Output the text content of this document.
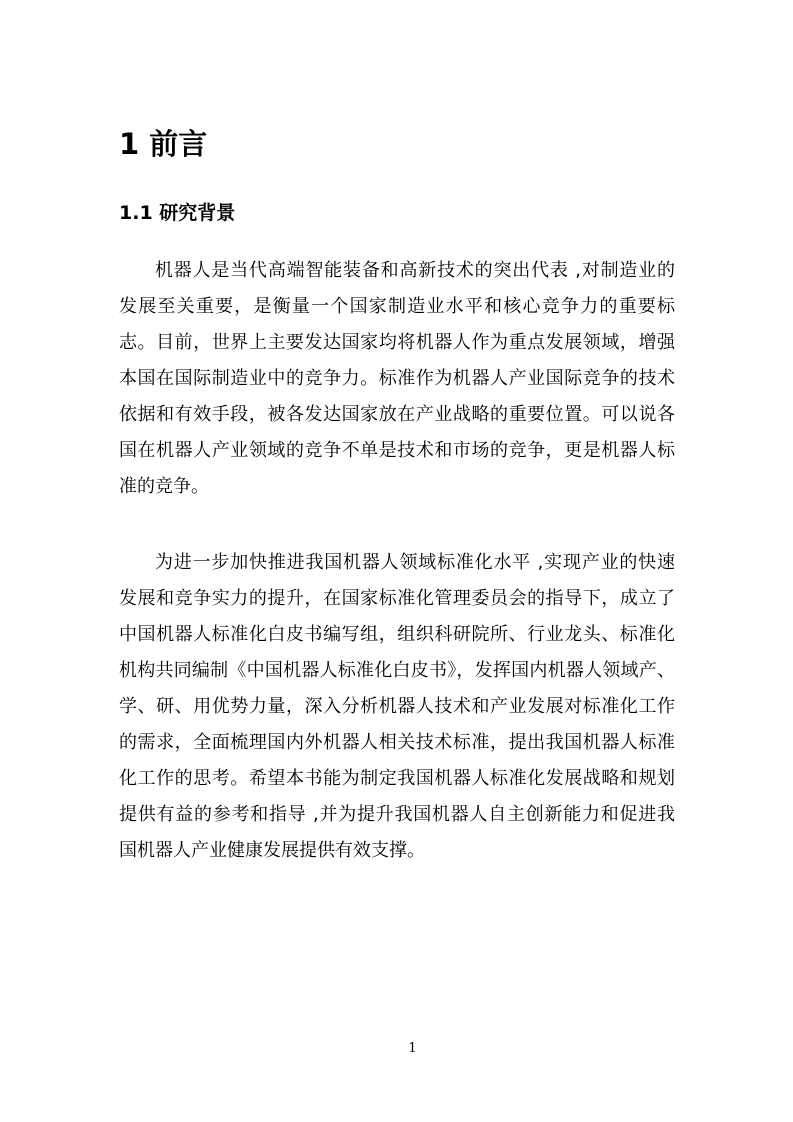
1 前言
1.1 研究背景
机器人是当代高端智能装备和高新技术的突出代表 ,对制造业的
发展至关重要，是衡量一个国家制造业水平和核心竞争力的重要标
志。目前，世界上主要发达国家均将机器人作为重点发展领域，增强
本国在国际制造业中的竞争力。标准作为机器人产业国际竞争的技术
依据和有效手段，被各发达国家放在产业战略的重要位置。可以说各
国在机器人产业领域的竞争不单是技术和市场的竞争，更是机器人标
准的竞争。
为进一步加快推进我国机器人领域标准化水平 ,实现产业的快速
发展和竞争实力的提升，在国家标准化管理委员会的指导下，成立了
中国机器人标准化白皮书编写组，组织科研院所、行业龙头、标准化
机构共同编制《中国机器人标准化白皮书》，发挥国内机器人领域产、
学、研、用优势力量，深入分析机器人技术和产业发展对标准化工作
的需求，全面梳理国内外机器人相关技术标准，提出我国机器人标准
化工作的思考。希望本书能为制定我国机器人标准化发展战略和规划
提供有益的参考和指导 ,并为提升我国机器人自主创新能力和促进我
国机器人产业健康发展提供有效支撑。
1
